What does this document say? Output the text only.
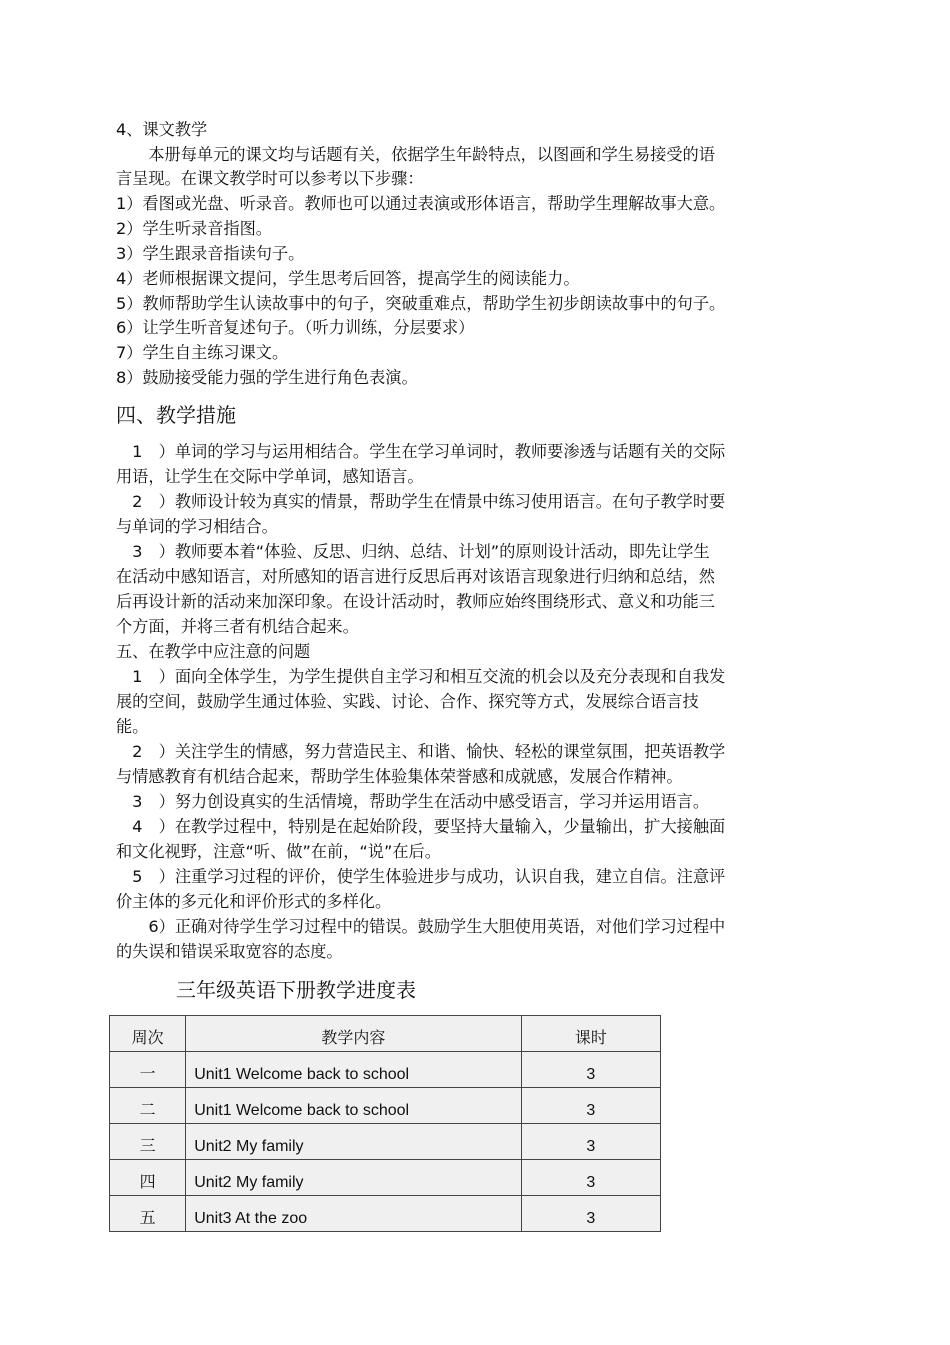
4、课文教学
　　本册每单元的课文均与话题有关，依据学生年龄特点，以图画和学生易接受的语
言呈现。在课文教学时可以参考以下步骤：
1）看图或光盘、听录音。教师也可以通过表演或形体语言，帮助学生理解故事大意。
2）学生听录音指图。
3）学生跟录音指读句子。
4）老师根据课文提问，学生思考后回答，提高学生的阅读能力。
5）教师帮助学生认读故事中的句子，突破重难点，帮助学生初步朗读故事中的句子。
6）让学生听音复述句子。（听力训练，分层要求）
7）学生自主练习课文。
8）鼓励接受能力强的学生进行角色表演。
四、教学措施
　1　）单词的学习与运用相结合。学生在学习单词时，教师要渗透与话题有关的交际
用语，让学生在交际中学单词，感知语言。
　2　）教师设计较为真实的情景，帮助学生在情景中练习使用语言。在句子教学时要
与单词的学习相结合。
　3　）教师要本着“体验、反思、归纳、总结、计划”的原则设计活动，即先让学生
在活动中感知语言，对所感知的语言进行反思后再对该语言现象进行归纳和总结，然
后再设计新的活动来加深印象。在设计活动时，教师应始终围绕形式、意义和功能三
个方面，并将三者有机结合起来。
五、在教学中应注意的问题
　1　）面向全体学生，为学生提供自主学习和相互交流的机会以及充分表现和自我发
展的空间，鼓励学生通过体验、实践、讨论、合作、探究等方式，发展综合语言技
能。
　2　）关注学生的情感，努力营造民主、和谐、愉快、轻松的课堂氛围，把英语教学
与情感教育有机结合起来，帮助学生体验集体荣誉感和成就感，发展合作精神。
　3　）努力创设真实的生活情境，帮助学生在活动中感受语言，学习并运用语言。
　4　）在教学过程中，特别是在起始阶段，要坚持大量输入，少量输出，扩大接触面
和文化视野，注意“听、做”在前，“说”在后。
　5　）注重学习过程的评价，使学生体验进步与成功，认识自我，建立自信。注意评
价主体的多元化和评价形式的多样化。
　　6）正确对待学生学习过程中的错误。鼓励学生大胆使用英语，对他们学习过程中
的失误和错误采取宽容的态度。
三年级英语下册教学进度表
周次	教学内容	课时
一	Unit1 Welcome back to school	3
二	Unit1 Welcome back to school	3
三	Unit2 My family	3
四	Unit2 My family	3
五	Unit3 At the zoo	3
